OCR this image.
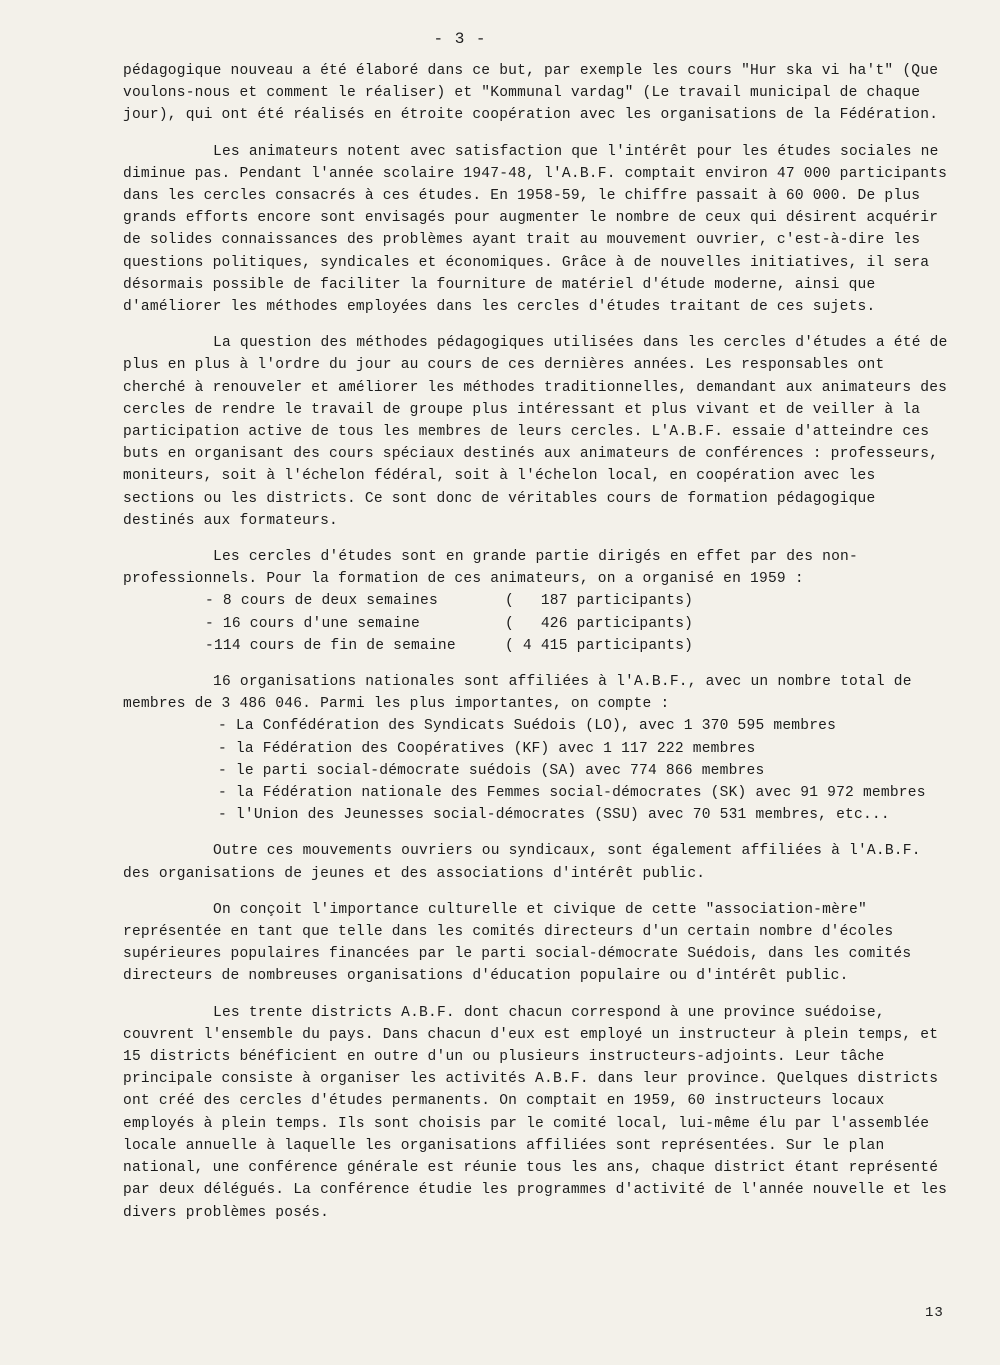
- 3 -

pédagogique nouveau a été élaboré dans ce but, par exemple les cours "Hur ska vi ha't" (Que voulons-nous et comment le réaliser) et "Kommunal vardag" (Le travail municipal de chaque jour), qui ont été réalisés en étroite coopération avec les organisations de la Fédération.

Les animateurs notent avec satisfaction que l'intérêt pour les études sociales ne diminue pas. Pendant l'année scolaire 1947-48, l'A.B.F. comptait environ 47 000 participants dans les cercles consacrés à ces études. En 1958-59, le chiffre passait à 60 000. De plus grands efforts encore sont envisagés pour augmenter le nombre de ceux qui désirent acquérir de solides connaissances des problèmes ayant trait au mouvement ouvrier, c'est-à-dire les questions politiques, syndicales et économiques. Grâce à de nouvelles initiatives, il sera désormais possible de faciliter la fourniture de matériel d'étude moderne, ainsi que d'améliorer les méthodes employées dans les cercles d'études traitant de ces sujets.

La question des méthodes pédagogiques utilisées dans les cercles d'études a été de plus en plus à l'ordre du jour au cours de ces dernières années. Les responsables ont cherché à renouveler et améliorer les méthodes traditionnelles, demandant aux animateurs des cercles de rendre le travail de groupe plus intéressant et plus vivant et de veiller à la participation active de tous les membres de leurs cercles. L'A.B.F. essaie d'atteindre ces buts en organisant des cours spéciaux destinés aux animateurs de conférences : professeurs, moniteurs, soit à l'échelon fédéral, soit à l'échelon local, en coopération avec les sections ou les districts. Ce sont donc de véritables cours de formation pédagogique destinés aux formateurs.

Les cercles d'études sont en grande partie dirigés en effet par des non-professionnels. Pour la formation de ces animateurs, on a organisé en 1959 :

- 8 cours de deux semaines	(   187 participants)
- 16 cours d'une semaine	(   426 participants)
-114 cours de fin de semaine	( 4 415 participants)

16 organisations nationales sont affiliées à l'A.B.F., avec un nombre total de membres de 3 486 046. Parmi les plus importantes, on compte :

- La Confédération des Syndicats Suédois (LO), avec 1 370 595 membres
- la Fédération des Coopératives (KF) avec 1 117 222 membres
- le parti social-démocrate suédois (SA) avec 774 866 membres
- la Fédération nationale des Femmes social-démocrates (SK) avec 91 972 membres
- l'Union des Jeunesses social-démocrates (SSU) avec 70 531 membres, etc...

Outre ces mouvements ouvriers ou syndicaux, sont également affiliées à l'A.B.F. des organisations de jeunes et des associations d'intérêt public.

On conçoit l'importance culturelle et civique de cette "association-mère" représentée en tant que telle dans les comités directeurs d'un certain nombre d'écoles supérieures populaires financées par le parti social-démocrate Suédois, dans les comités directeurs de nombreuses organisations d'éducation populaire ou d'intérêt public.

Les trente districts A.B.F. dont chacun correspond à une province suédoise, couvrent l'ensemble du pays. Dans chacun d'eux est employé un instructeur à plein temps, et 15 districts bénéficient en outre d'un ou plusieurs instructeurs-adjoints. Leur tâche principale consiste à organiser les activités A.B.F. dans leur province. Quelques districts ont créé des cercles d'études permanents. On comptait en 1959, 60 instructeurs locaux employés à plein temps. Ils sont choisis par le comité local, lui-même élu par l'assemblée locale annuelle à laquelle les organisations affiliées sont représentées. Sur le plan national, une conférence générale est réunie tous les ans, chaque district étant représenté par deux délégués. La conférence étudie les programmes d'activité de l'année nouvelle et les divers problèmes posés.

13
